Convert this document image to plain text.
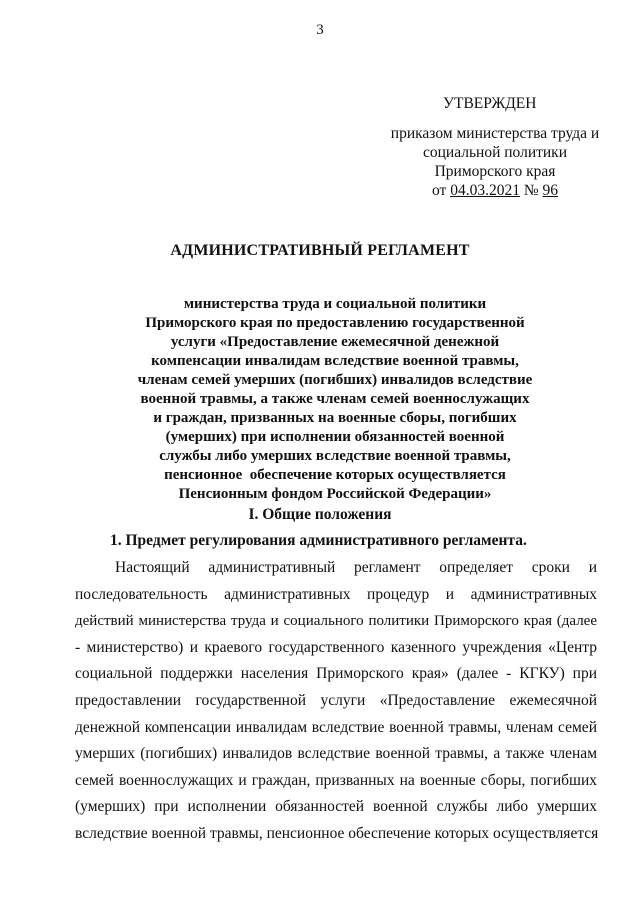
3
УТВЕРЖДЕН
приказом министерства труда и
социальной политики
Приморского края
от 04.03.2021 № 96
АДМИНИСТРАТИВНЫЙ РЕГЛАМЕНТ
министерства труда и социальной политики
Приморского края по предоставлению государственной
услуги «Предоставление ежемесячной денежной
компенсации инвалидам вследствие военной травмы,
членам семей умерших (погибших) инвалидов вследствие
военной травмы, а также членам семей военнослужащих
и граждан, призванных на военные сборы, погибших
(умерших) при исполнении обязанностей военной
службы либо умерших вследствие военной травмы,
пенсионное  обеспечение которых осуществляется
Пенсионным фондом Российской Федерации»
I. Общие положения
1. Предмет регулирования административного регламента.
Настоящий административный регламент определяет сроки и
последовательность административных процедур и административных
действий министерства труда и социального политики Приморского края (далее
- министерство) и краевого государственного казенного учреждения «Центр
социальной поддержки населения Приморского края» (далее - КГКУ) при
предоставлении государственной услуги «Предоставление ежемесячной
денежной компенсации инвалидам вследствие военной травмы, членам семей
умерших (погибших) инвалидов вследствие военной травмы, а также членам
семей военнослужащих и граждан, призванных на военные сборы, погибших
(умерших) при исполнении обязанностей военной службы либо умерших
вследствие военной травмы, пенсионное обеспечение которых осуществляется
